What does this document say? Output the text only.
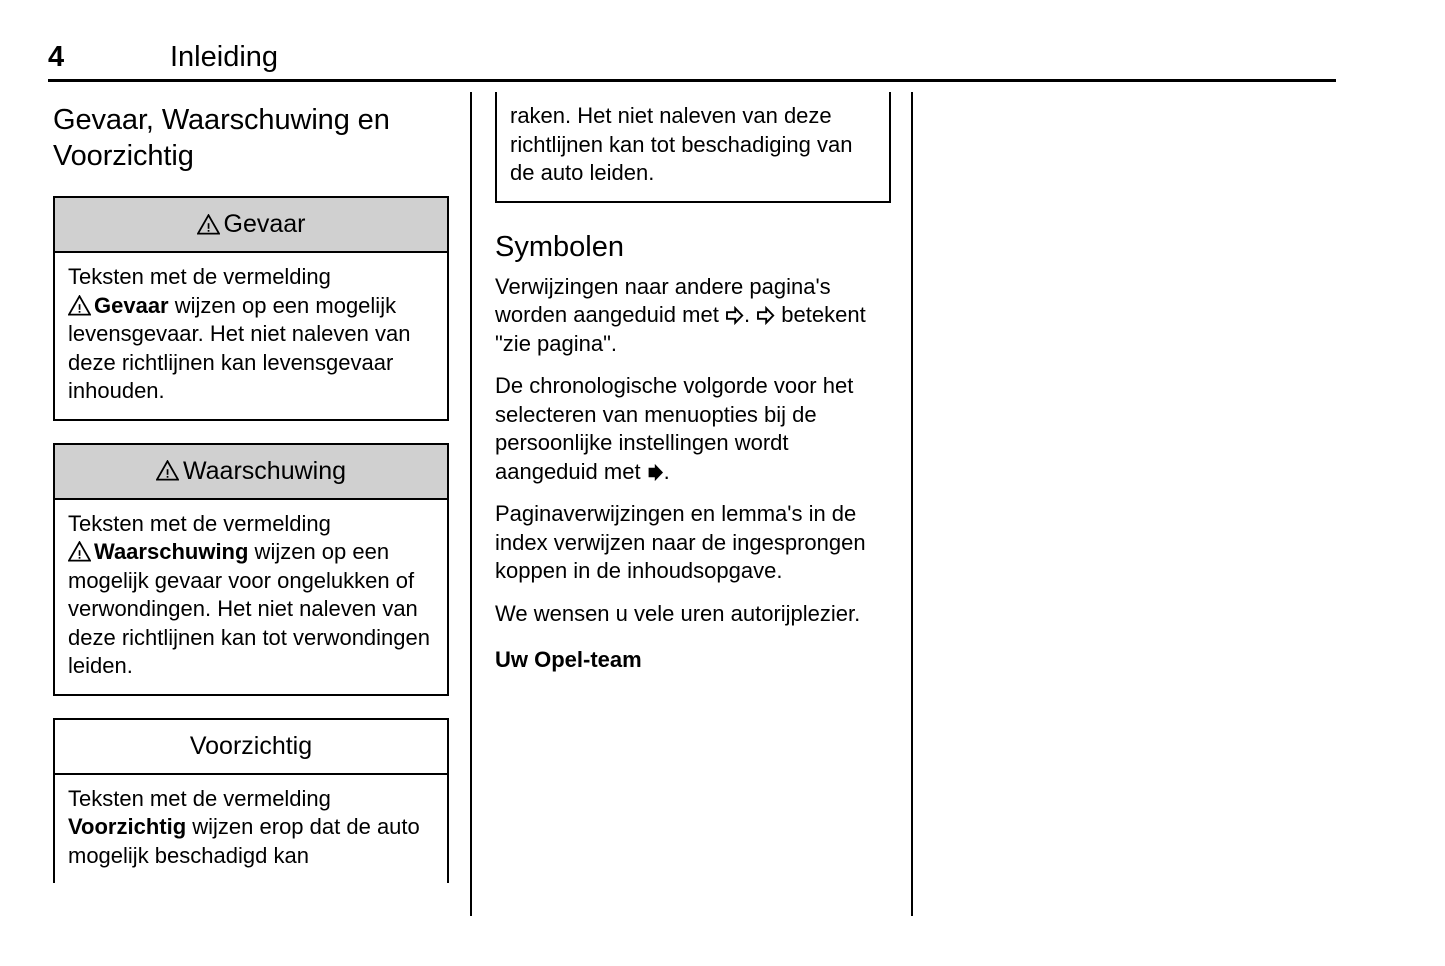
4	Inleiding
Gevaar, Waarschuwing en Voorzichtig
Gevaar
Teksten met de vermelding

Gevaar wijzen op een mogelijk levensgevaar. Het niet naleven van deze richtlijnen kan levensgevaar inhouden.
Waarschuwing
Teksten met de vermelding

Waarschuwing wijzen op een mogelijk gevaar voor ongelukken of verwondingen. Het niet naleven van deze richtlijnen kan tot verwondingen leiden.
Voorzichtig
Teksten met de vermelding
Voorzichtig wijzen erop dat de auto mogelijk beschadigd kan
raken. Het niet naleven van deze richtlijnen kan tot beschadiging van de auto leiden.
Symbolen

Verwijzingen naar andere pagina's worden aangeduid met
.
betekent "zie pagina".

De chronologische volgorde voor het selecteren van menuopties bij de persoonlijke instellingen wordt aangeduid met
.

Paginaverwijzingen en lemma's in de index verwijzen naar de ingesprongen koppen in de inhoudsopgave.

We wensen u vele uren autorijplezier.

Uw Opel-team
